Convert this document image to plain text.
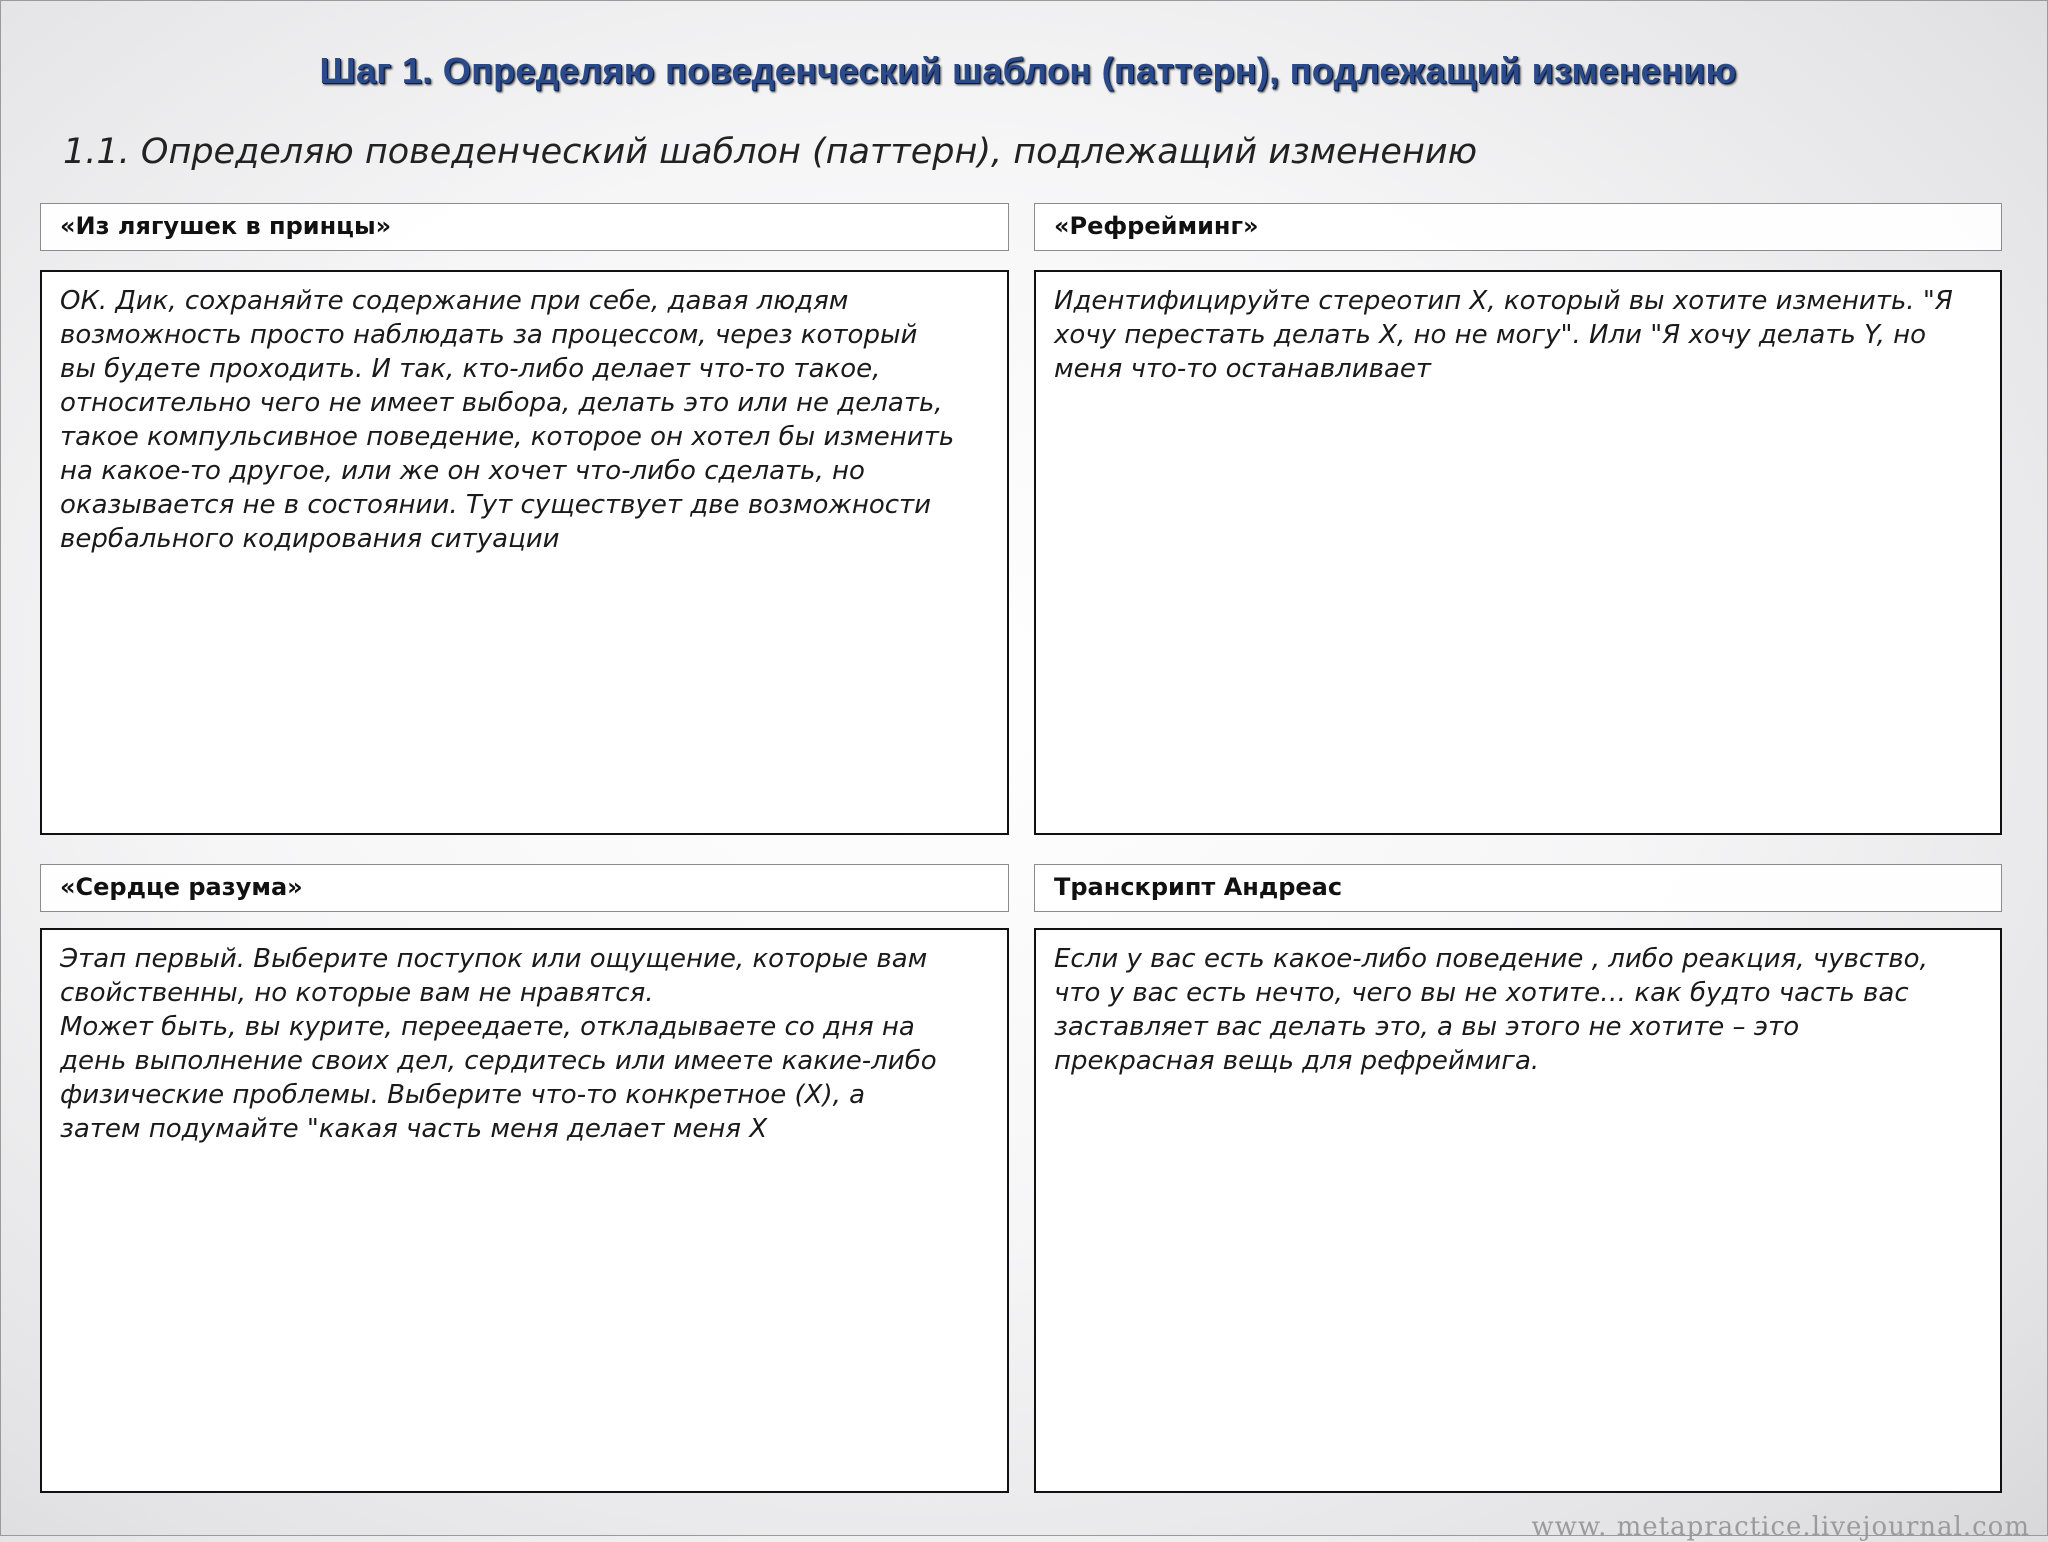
Шаг 1. Определяю поведенческий шаблон (паттерн), подлежащий изменению
1.1. Определяю поведенческий шаблон (паттерн), подлежащий изменению
«Из лягушек в принцы»
ОК. Дик, сохраняйте содержание при себе, давая людям
возможность просто наблюдать за процессом, через который
вы будете проходить. И так, кто-либо делает что-то такое,
относительно чего не имеет выбора, делать это или не делать,
такое компульсивное поведение, которое он хотел бы изменить
на какое-то другое, или же он хочет что-либо сделать, но
оказывается не в состоянии. Тут существует две возможности
вербального кодирования ситуации
«Рефрейминг»
Идентифицируйте стереотип X, который вы хотите изменить. "Я
хочу перестать делать X, но не могу". Или "Я хочу делать Y, но
меня что-то останавливает
«Сердце разума»
Этап первый. Выберите поступок или ощущение, которые вам
свойственны, но которые вам не нравятся.
Может быть, вы курите, переедаете, откладываете со дня на
день выполнение своих дел, сердитесь или имеете какие-либо
физические проблемы. Выберите что-то конкретное (X), а
затем подумайте "какая часть меня делает меня X
Транскрипт Андреас
Если у вас есть какое-либо поведение , либо реакция, чувство,
что у вас есть нечто, чего вы не хотите… как будто часть вас
заставляет вас делать это, а вы этого не хотите – это
прекрасная вещь для рефреймига.
www. metapractice.livejournal.com
